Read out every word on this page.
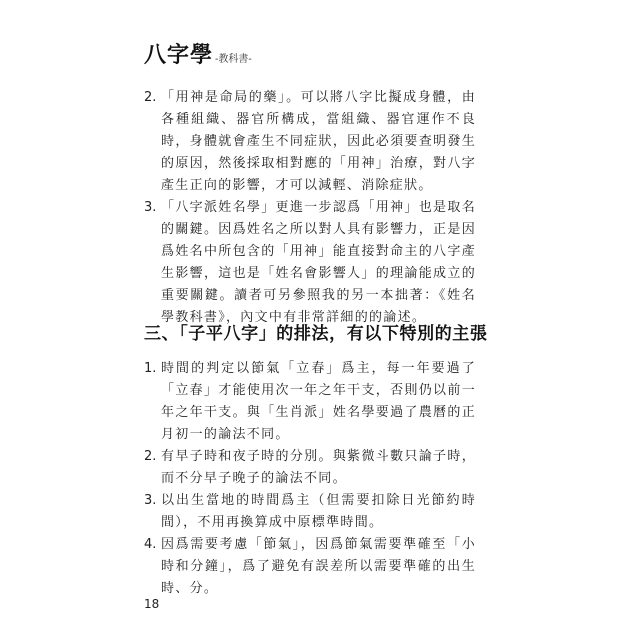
八字學 -教科書-
2. 「用神是命局的藥」。可以將八字比擬成身體，由各種組織、器官所構成，當組織、器官運作不良時，身體就會產生不同症狀，因此必須要查明發生的原因，然後採取相對應的「用神」治療，對八字產生正向的影響，才可以減輕、消除症狀。
3. 「八字派姓名學」更進一步認爲「用神」也是取名的關鍵。因爲姓名之所以對人具有影響力，正是因爲姓名中所包含的「用神」能直接對命主的八字產生影響，這也是「姓名會影響人」的理論能成立的重要關鍵。讀者可另參照我的另一本拙著：《姓名學教科書》，內文中有非常詳細的的論述。
三、「子平八字」的排法，有以下特別的主張
1. 時間的判定以節氣「立春」爲主，每一年要過了「立春」才能使用次一年之年干支，否則仍以前一年之年干支。與「生肖派」姓名學要過了農曆的正月初一的論法不同。
2. 有早子時和夜子時的分別。與紫微斗數只論子時，而不分早子晚子的論法不同。
3. 以出生當地的時間爲主（但需要扣除日光節約時間），不用再換算成中原標準時間。
4. 因爲需要考慮「節氣」，因爲節氣需要準確至「小時和分鐘」，爲了避免有誤差所以需要準確的出生時、分。
18
